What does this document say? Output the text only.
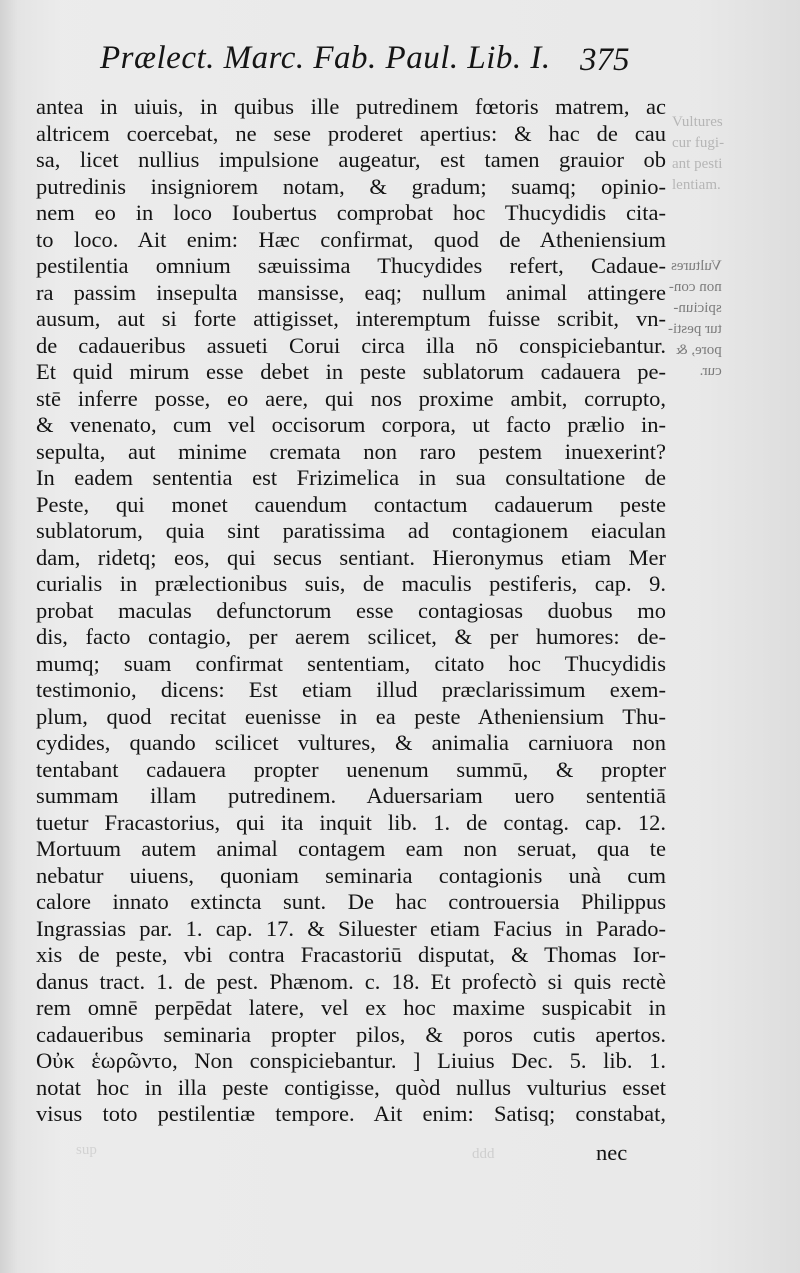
Vultures
cur fugi-
ant pesti
lentiam.
Vultures
non con-
spiciun-
tur pesti-
pore, &
cur.
ddd
sup
Prælect. Marc. Fab. Paul. Lib. I. 375
antea in uiuis, in quibus ille putredinem fœtoris matrem, ac
altricem coercebat, ne sese proderet apertius: & hac de cau
sa, licet nullius impulsione augeatur, est tamen grauior ob
putredinis insigniorem notam, & gradum; suamq; opinio-
nem eo in loco Ioubertus comprobat hoc Thucydidis cita-
to loco. Ait enim: Hæc confirmat, quod de Atheniensium
pestilentia omnium sæuissima Thucydides refert, Cadaue-
ra passim insepulta mansisse, eaq; nullum animal attingere
ausum, aut si forte attigisset, interemptum fuisse scribit, vn-
de cadaueribus assueti Corui circa illa nō conspiciebantur.
Et quid mirum esse debet in peste sublatorum cadauera pe-
stē inferre posse, eo aere, qui nos proxime ambit, corrupto,
& venenato, cum vel occisorum corpora, ut facto prælio in-
sepulta, aut minime cremata non raro pestem inuexerint?
In eadem sententia est Frizimelica in sua consultatione de
Peste, qui monet cauendum contactum cadauerum peste
sublatorum, quia sint paratissima ad contagionem eiaculan
dam, ridetq; eos, qui secus sentiant. Hieronymus etiam Mer
curialis in prælectionibus suis, de maculis pestiferis, cap. 9.
probat maculas defunctorum esse contagiosas duobus mo
dis, facto contagio, per aerem scilicet, & per humores: de-
mumq; suam confirmat sententiam, citato hoc Thucydidis
testimonio, dicens: Est etiam illud præclarissimum exem-
plum, quod recitat euenisse in ea peste Atheniensium Thu-
cydides, quando scilicet vultures, & animalia carniuora non
tentabant cadauera propter uenenum summū, & propter
summam illam putredinem. Aduersariam uero sententiā
tuetur Fracastorius, qui ita inquit lib. 1. de contag. cap. 12.
Mortuum autem animal contagem eam non seruat, qua te
nebatur uiuens, quoniam seminaria contagionis unà cum
calore innato extincta sunt. De hac controuersia Philippus
Ingrassias par. 1. cap. 17. & Siluester etiam Facius in Parado-
xis de peste, vbi contra Fracastoriū disputat, & Thomas Ior-
danus tract. 1. de pest. Phænom. c. 18. Et profectò si quis rectè
rem omnē perpēdat latere, vel ex hoc maxime suspicabit in
cadaueribus seminaria propter pilos, & poros cutis apertos.
Οὐκ ἑωρῶντο, Non conspiciebantur. ] Liuius Dec. 5. lib. 1.
notat hoc in illa peste contigisse, quòd nullus vulturius esset
visus toto pestilentiæ tempore. Ait enim: Satisq; constabat,
nec
